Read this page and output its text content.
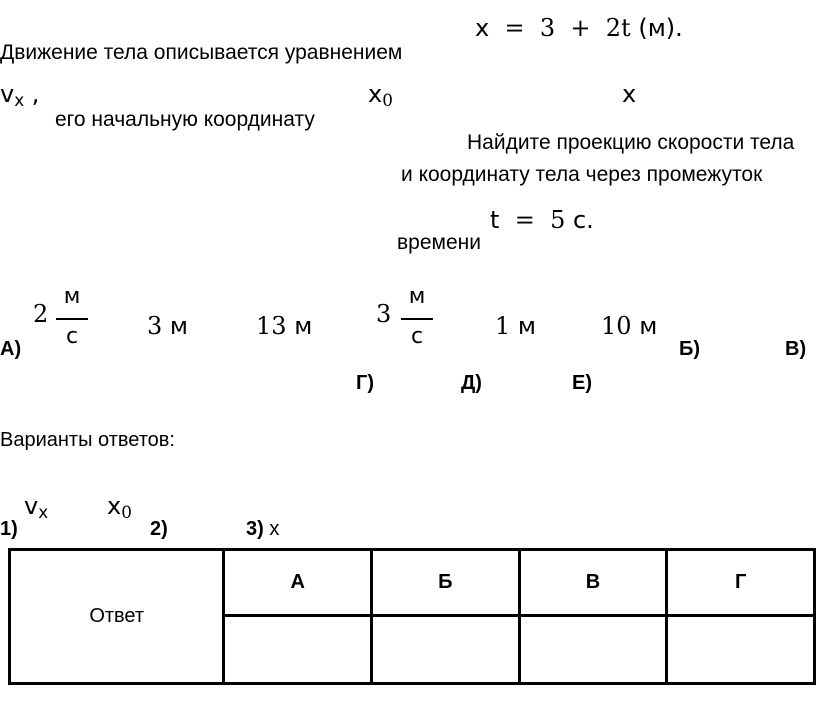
x = 3 + 2t (м).
Движение тела описывается уравнением
$v_x$ ,	$x_0$	x
его начальную координату
Найдите проекцию скорости тела
и координату тела через промежуток
t = 5 с.
времени
2
м
с	3 м	13 м	3
м
с	1 м	10 м
А)	Б)	В)
Г)	Д)	Е)
Варианты ответов:
$v_x$ $x_0$
1)	2)	3) x
Ответ	А	Б	В	Г
